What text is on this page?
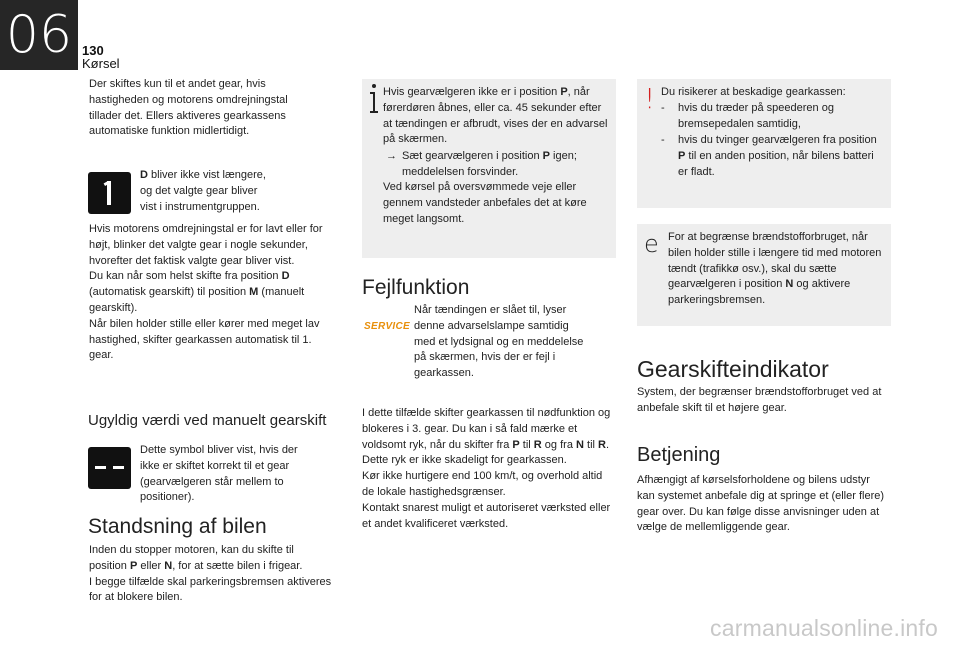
06 130
Kørsel

Der skiftes kun til et andet gear, hvis hastigheden og motorens omdrejningstal tillader det. Ellers aktiveres gearkassens automatiske funktion midlertidigt.

D bliver ikke vist længere, og det valgte gear bliver vist i instrumentgruppen.

Hvis motorens omdrejningstal er for lavt eller for højt, blinker det valgte gear i nogle sekunder, hvorefter det faktisk valgte gear bliver vist.
Du kan når som helst skifte fra position D (automatisk gearskift) til position M (manuelt gearskift).
Når bilen holder stille eller kører med meget lav hastighed, skifter gearkassen automatisk til 1. gear.

Ugyldig værdi ved manuelt gearskift

Dette symbol bliver vist, hvis der ikke er skiftet korrekt til et gear (gearvælgeren står mellem to positioner).

Standsning af bilen

Inden du stopper motoren, kan du skifte til position P eller N, for at sætte bilen i frigear.
I begge tilfælde skal parkeringsbremsen aktiveres for at blokere bilen.

Hvis gearvælgeren ikke er i position P, når førerdøren åbnes, eller ca. 45 sekunder efter at tændingen er afbrudt, vises der en advarsel på skærmen.

→ Sæt gearvælgeren i position P igen; meddelelsen forsvinder.

Ved kørsel på oversvømmede veje eller gennem vandsteder anbefales det at køre meget langsomt.

Fejlfunktion
SERVICE

Når tændingen er slået til, lyser denne advarselslampe samtidig med et lydsignal og en meddelelse på skærmen, hvis der er fejl i gearkassen.

I dette tilfælde skifter gearkassen til nødfunktion og blokeres i 3. gear. Du kan i så fald mærke et voldsomt ryk, når du skifter fra P til R og fra N til R. Dette ryk er ikke skadeligt for gearkassen.
Kør ikke hurtigere end 100 km/t, og overhold altid de lokale hastighedsgrænser.
Kontakt snarest muligt et autoriseret værksted eller et andet kvalificeret værksted.

! Du risikerer at beskadige gearkassen:

- hvis du træder på speederen og bremsepedalen samtidig,

- hvis du tvinger gearvælgeren fra position P til en anden position, når bilens batteri er fladt.

e For at begrænse brændstofforbruget, når bilen holder stille i længere tid med motoren tændt (trafikkø osv.), skal du sætte gearvælgeren i position N og aktivere parkeringsbremsen.

Gearskifteindikator

System, der begrænser brændstofforbruget ved at anbefale skift til et højere gear.

Betjening

Afhængigt af kørselsforholdene og bilens udstyr kan systemet anbefale dig at springe et (eller flere) gear over. Du kan følge disse anvisninger uden at vælge de mellemliggende gear.

carmanualsonline.info
